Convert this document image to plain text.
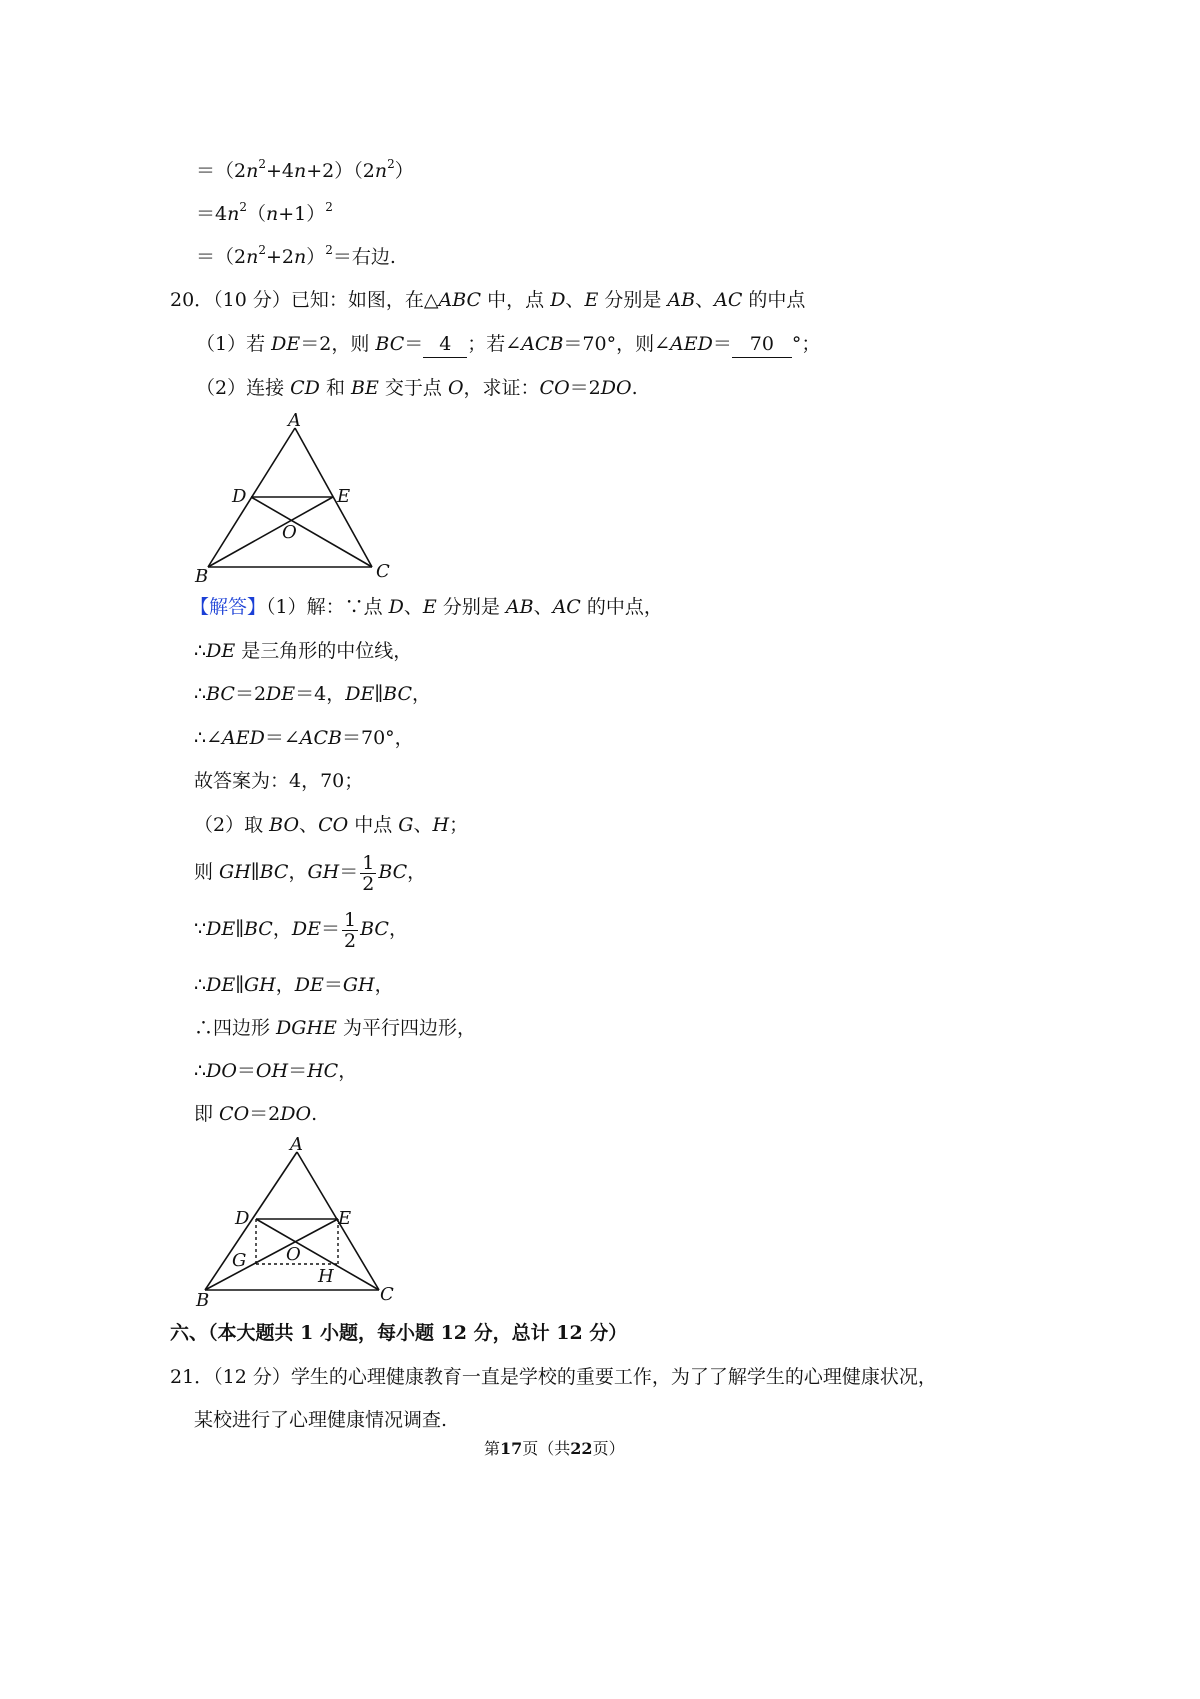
$=(2n^2+4n+2)(2n^2)$
$=4n^2(n+1)^2$
$=(2n^2+2n)^2=$右边.
20．（10 分）已知：如图，在△ABC 中，点 D、E 分别是 AB、AC 的中点
（1）若 DE＝2，则 BC＝ 4 ；若∠ACB＝70°，则∠AED＝ 70 °；
（2）连接 CD 和 BE 交于点 O，求证：CO＝2DO.
A
D	E
O
B	C
【解答】（1）解：∵点 D、E 分别是 AB、AC 的中点，
∴DE 是三角形的中位线，
∴BC＝2DE＝4，DE∥BC，
∴∠AED＝∠ACB＝70°，
故答案为：4，70；
（2）取 BO、CO 中点 G、H；
则 GH∥BC，$GH= \frac{1}{2}$ BC，
∵DE∥BC，$DE= \frac{1}{2}$ BC，
∴DE∥GH，DE＝GH，
∴四边形 DGHE 为平行四边形，
∴DO＝OH＝HC，
即 CO＝2DO.
A
D	E
O
G
H
B	C
六、（本大题共 1 小题，每小题 12 分，总计 12 分）
21．（12 分）学生的心理健康教育一直是学校的重要工作，为了了解学生的心理健康状况，
某校进行了心理健康情况调查.
第17页（共22页）
